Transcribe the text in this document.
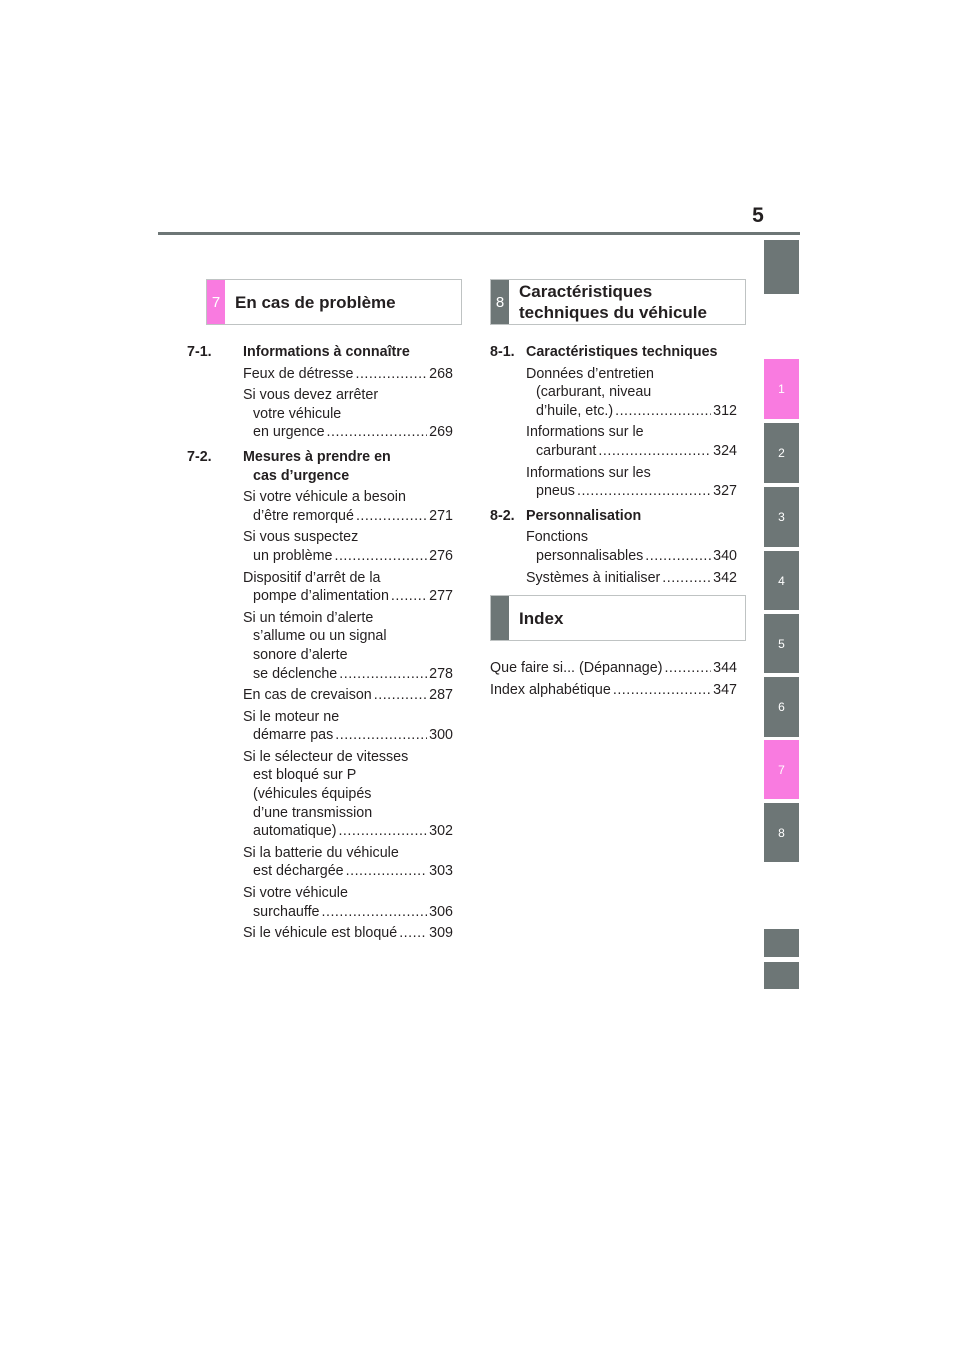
5
1
2
3
4
5
6
7
8
7 En cas de problème
7-1.	Informations à connaître
Feux de détresse .....	268
Si vous devez arrêter
votre véhicule
en urgence .....	269
7-2.	Mesures à prendre en
cas d’urgence
Si votre véhicule a besoin
d’être remorqué .....	271
Si vous suspectez
un problème .....	276
Dispositif d’arrêt de la
pompe d’alimentation .....	277
Si un témoin d’alerte
s’allume ou un signal
sonore d’alerte
se déclenche .....	278
En cas de crevaison .....	287
Si le moteur ne
démarre pas .....	300
Si le sélecteur de vitesses
est bloqué sur P
(véhicules équipés
d’une transmission
automatique) .....	302
Si la batterie du véhicule
est déchargée .....	303
Si votre véhicule
surchauffe .....	306
Si le véhicule est bloqué ..... 309
8
Caractéristiques
techniques du véhicule
8-1. Caractéristiques techniques
Données d’entretien
(carburant, niveau
d’huile, etc.) .....	312
Informations sur le
carburant .....	324
Informations sur les
pneus .....	327
8-2. Personnalisation
Fonctions
personnalisables .....	340
Systèmes à initialiser .....	342
Index
Que faire si... (Dépannage) .....	344
Index alphabétique .....	347
